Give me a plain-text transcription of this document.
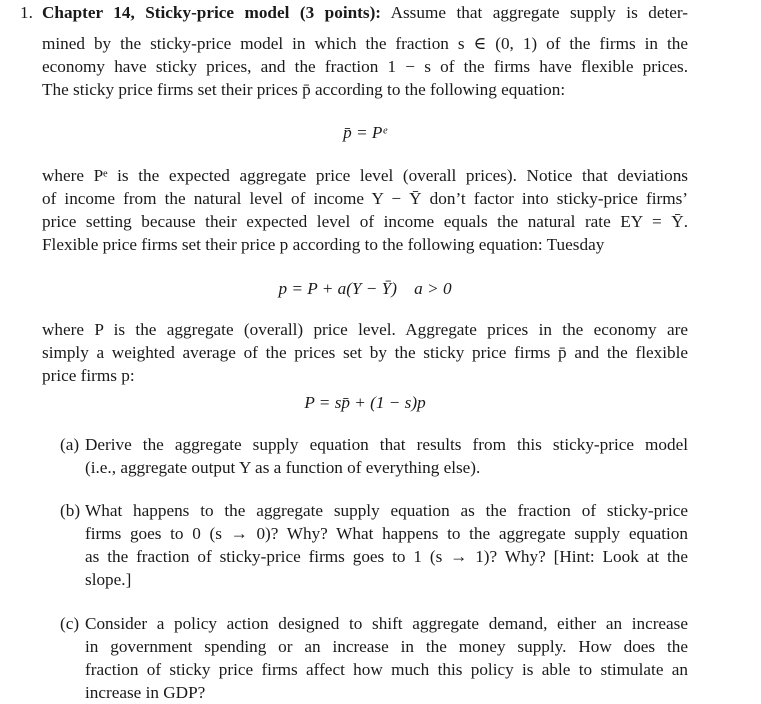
1. Chapter 14, Sticky-price model (3 points): Assume that aggregate supply is deter-
mined by the sticky-price model in which the fraction s ∈ (0, 1) of the firms in the
economy have sticky prices, and the fraction 1 − s of the firms have flexible prices.
The sticky price firms set their prices p̄ according to the following equation:
p̄ = Pᵉ
where Pᵉ is the expected aggregate price level (overall prices). Notice that deviations
of income from the natural level of income Y − Ȳ don’t factor into sticky-price firms’
price setting because their expected level of income equals the natural rate EY = Ȳ.
Flexible price firms set their price p according to the following equation: Tuesday
p = P + a(Y − Ȳ)    a > 0
where P is the aggregate (overall) price level. Aggregate prices in the economy are
simply a weighted average of the prices set by the sticky price firms p̄ and the flexible
price firms p:
P = sp̄ + (1 − s)p
(a) Derive the aggregate supply equation that results from this sticky-price model
(i.e., aggregate output Y as a function of everything else).
(b) What happens to the aggregate supply equation as the fraction of sticky-price
firms goes to 0 (s → 0)? Why? What happens to the aggregate supply equation
as the fraction of sticky-price firms goes to 1 (s → 1)? Why? [Hint: Look at the
slope.]
(c) Consider a policy action designed to shift aggregate demand, either an increase
in government spending or an increase in the money supply. How does the
fraction of sticky price firms affect how much this policy is able to stimulate an
increase in GDP?
